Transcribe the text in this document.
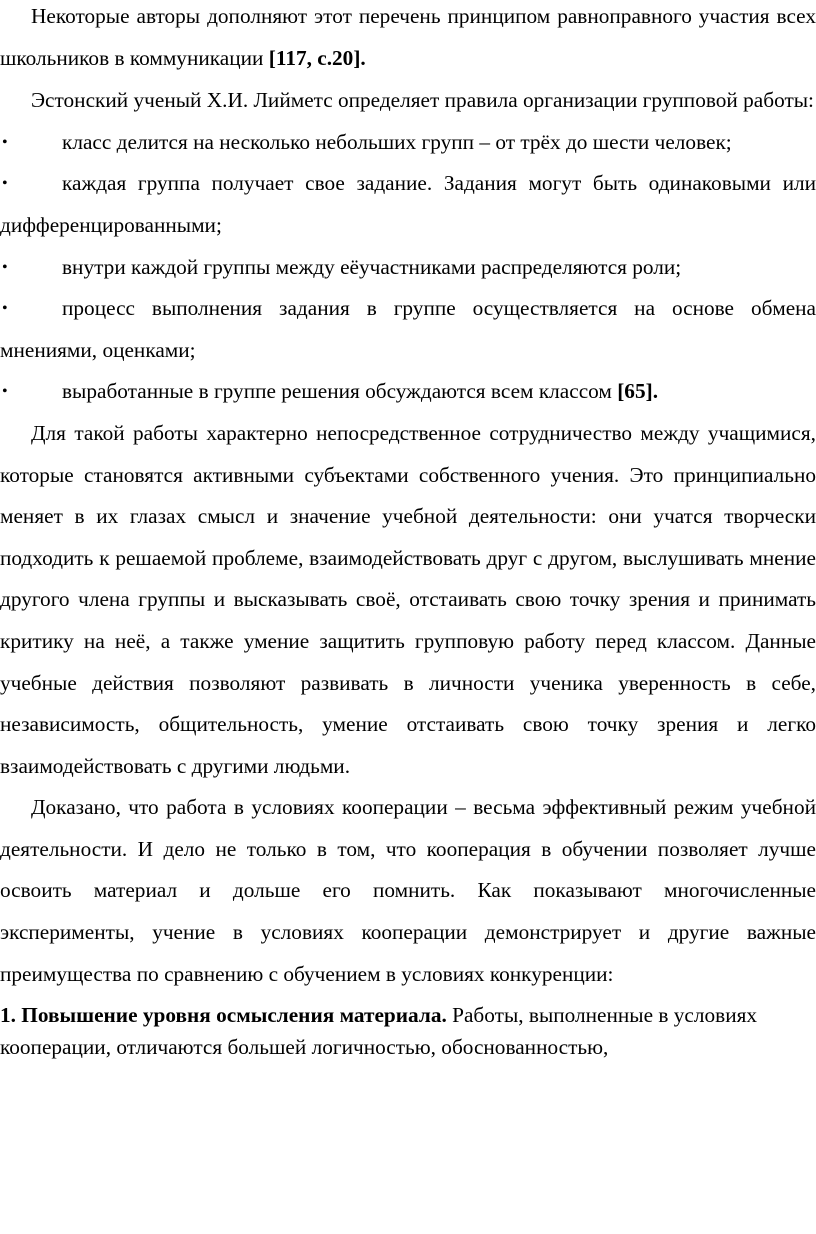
Некоторые авторы дополняют этот перечень принципом равноправного участия всех школьников в коммуникации [117, с.20].

Эстонский ученый Х.И. Лийметс определяет правила организации групповой работы:

•	класс делится на несколько небольших групп – от трёх до шести человек;

•	каждая группа получает свое задание. Задания могут быть одинаковыми или дифференцированными;

•	внутри каждой группы между еёучастниками распределяются роли;

•	процесс выполнения задания в группе осуществляется на основе обмена мнениями, оценками;

•	выработанные в группе решения обсуждаются всем классом [65].

Для такой работы характерно непосредственное сотрудничество между учащимися, которые становятся активными субъектами собственного учения. Это принципиально меняет в их глазах смысл и значение учебной деятельности: они учатся творчески подходить к решаемой проблеме, взаимодействовать друг с другом, выслушивать мнение другого члена группы и высказывать своё, отстаивать свою точку зрения и принимать критику на неё, а также умение защитить групповую работу перед классом. Данные учебные действия позволяют развивать в личности ученика уверенность в себе, независимость, общительность, умение отстаивать свою точку зрения и легко взаимодействовать с другими людьми.

Доказано, что работа в условиях кооперации – весьма эффективный режим учебной деятельности. И дело не только в том, что кооперация в обучении позволяет лучше освоить материал и дольше его помнить. Как показывают многочисленные эксперименты, учение в условиях кооперации демонстрирует и другие важные преимущества по сравнению с обучением в условиях конкуренции:

1. Повышение уровня осмысления материала. Работы, выполненные в условиях кооперации, отличаются большей логичностью, обоснованностью,
